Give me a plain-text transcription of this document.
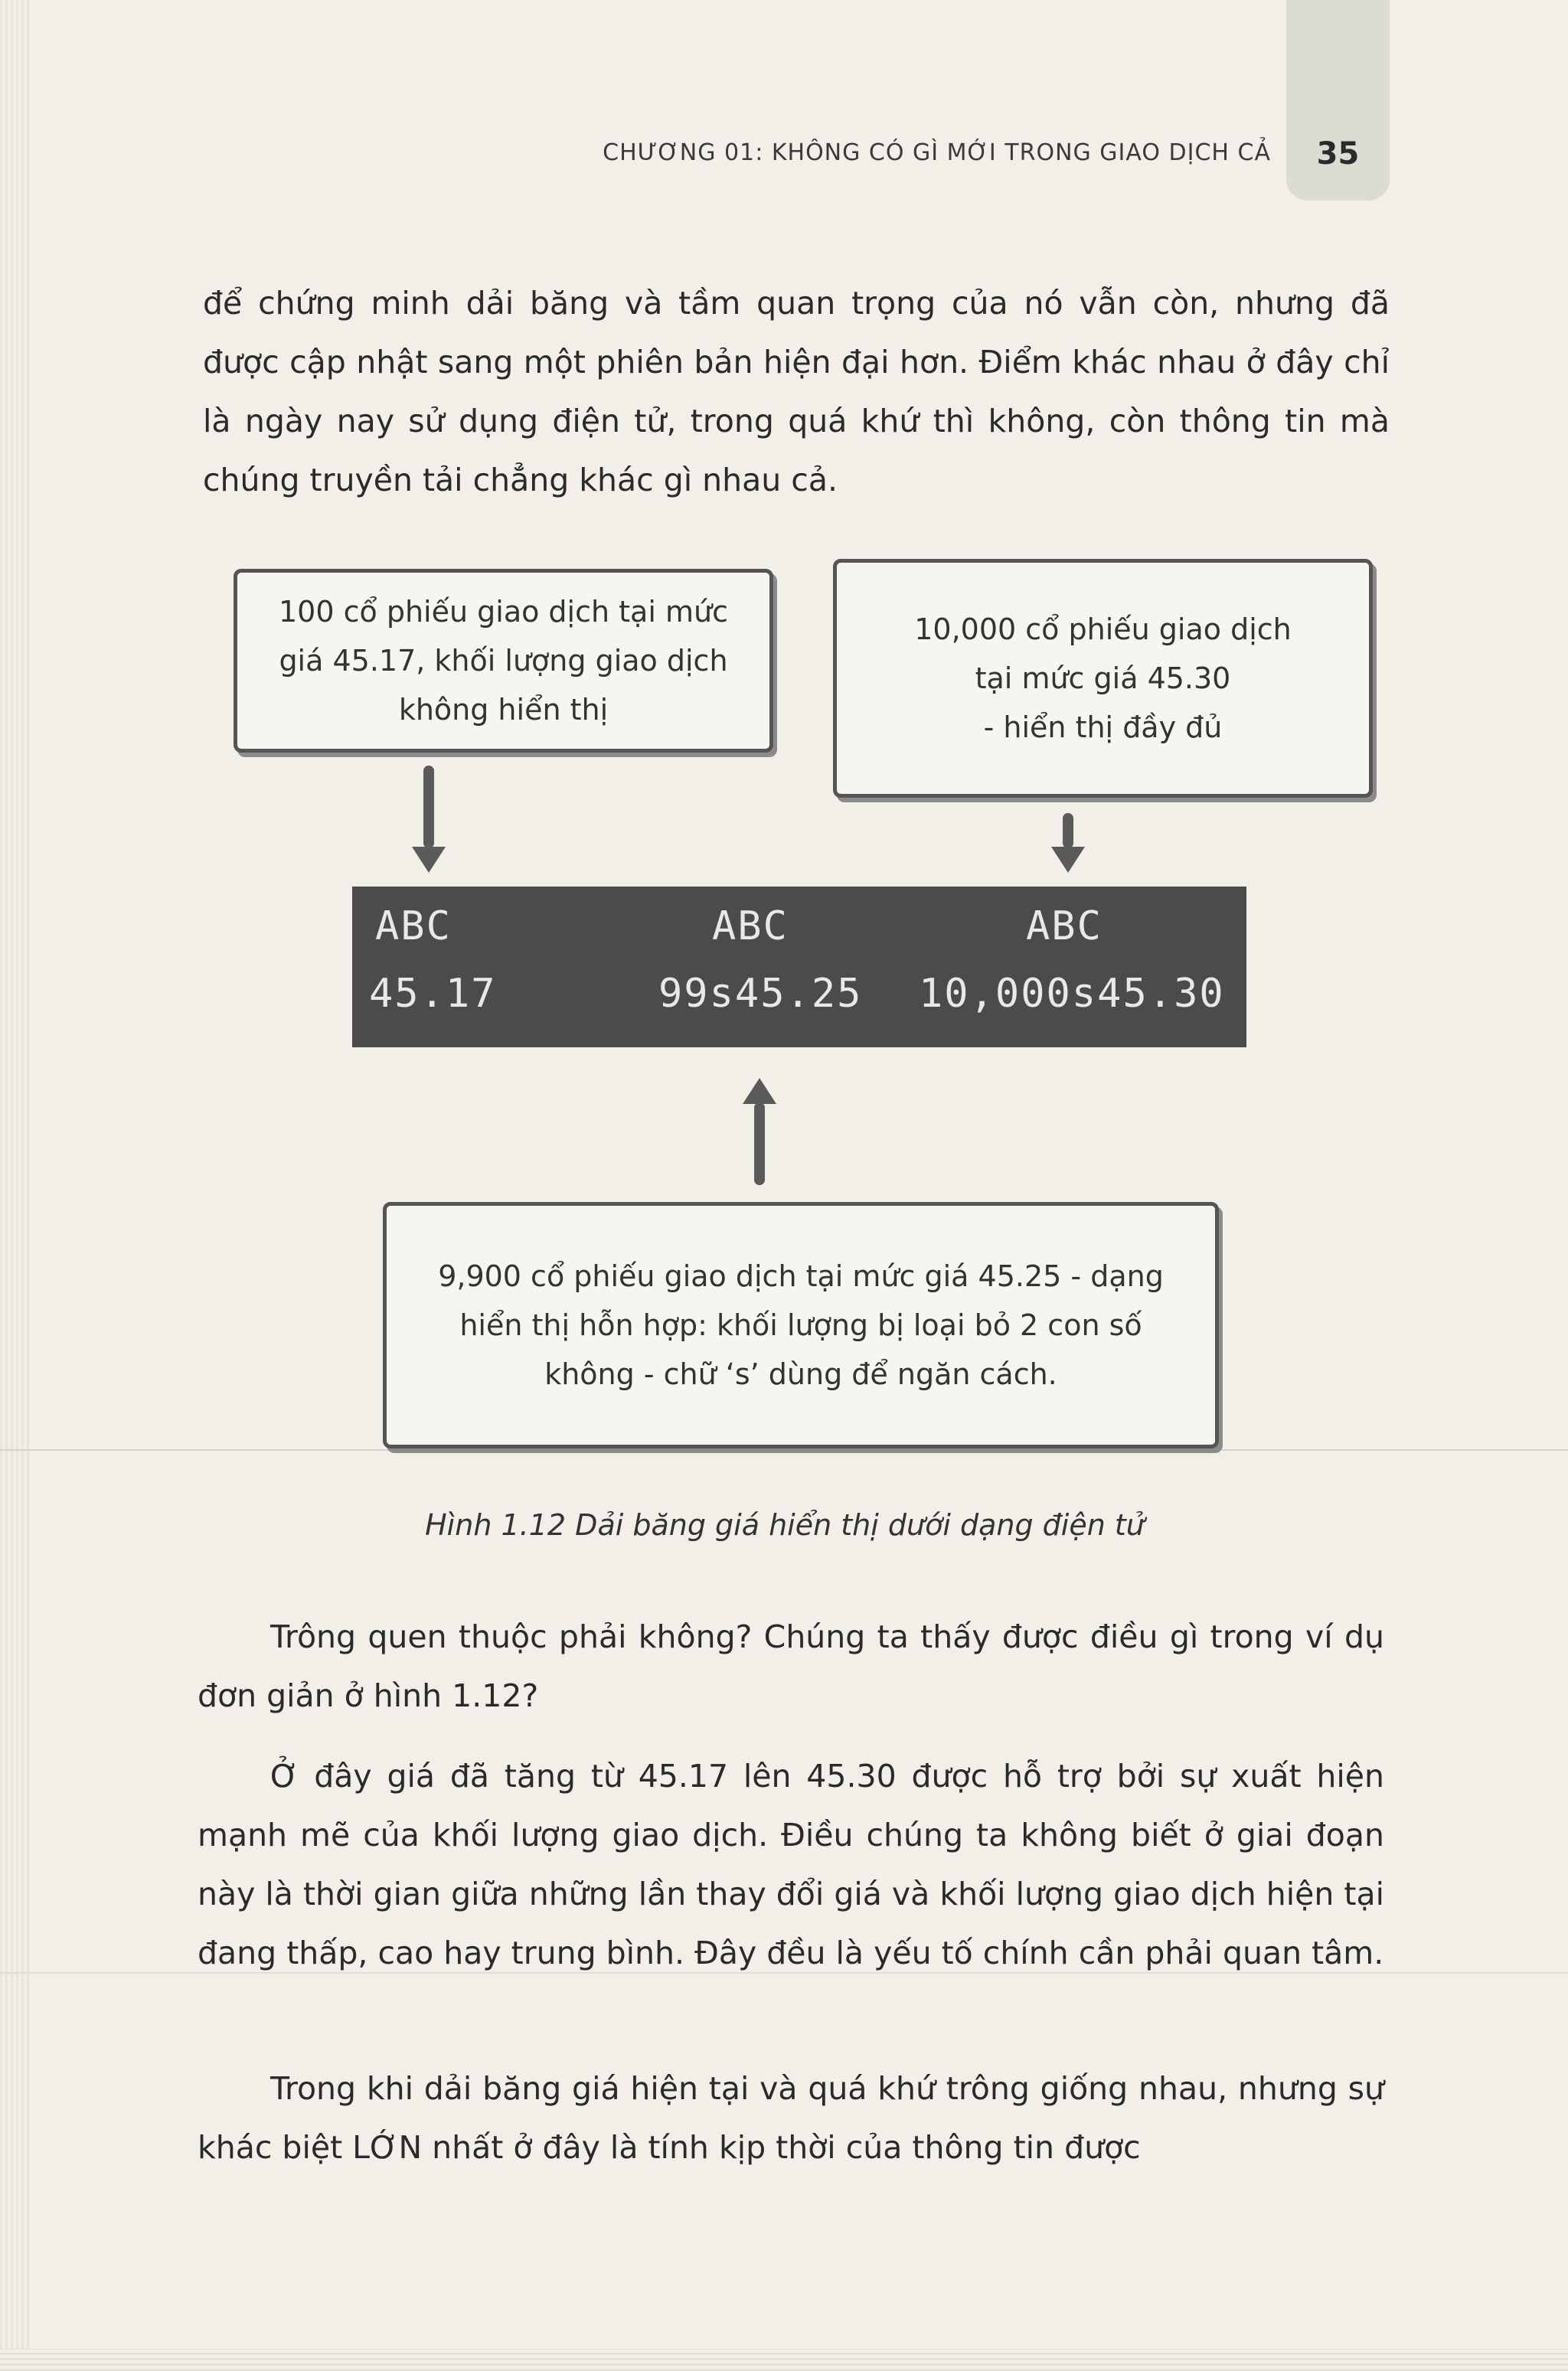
35
CHƯƠNG 01: KHÔNG CÓ GÌ MỚI TRONG GIAO DỊCH CẢ

để chứng minh dải băng và tầm quan trọng của nó vẫn còn, nhưng đã được cập nhật sang một phiên bản hiện đại hơn. Điểm khác nhau ở đây chỉ là ngày nay sử dụng điện tử, trong quá khứ thì không, còn thông tin mà chúng truyền tải chẳng khác gì nhau cả.

100 cổ phiếu giao dịch tại mức
giá 45.17, khối lượng giao dịch
không hiển thị
10,000 cổ phiếu giao dịch
tại mức giá 45.30
- hiển thị đầy đủ
ABC	ABC	ABC
45.17	99s45.25 10,000s45.30
9,900 cổ phiếu giao dịch tại mức giá 45.25 - dạng
hiển thị hỗn hợp: khối lượng bị loại bỏ 2 con số
không - chữ ‘s’ dùng để ngăn cách.
Hình 1.12 Dải băng giá hiển thị dưới dạng điện tử

Trông quen thuộc phải không? Chúng ta thấy được điều gì trong ví dụ đơn giản ở hình 1.12?

Ở đây giá đã tăng từ 45.17 lên 45.30 được hỗ trợ bởi sự xuất hiện mạnh mẽ của khối lượng giao dịch. Điều chúng ta không biết ở giai đoạn này là thời gian giữa những lần thay đổi giá và khối lượng giao dịch hiện tại đang thấp, cao hay trung bình. Đây đều là yếu tố chính cần phải quan tâm.

Trong khi dải băng giá hiện tại và quá khứ trông giống nhau, nhưng sự khác biệt LỚN nhất ở đây là tính kịp thời của thông tin được
